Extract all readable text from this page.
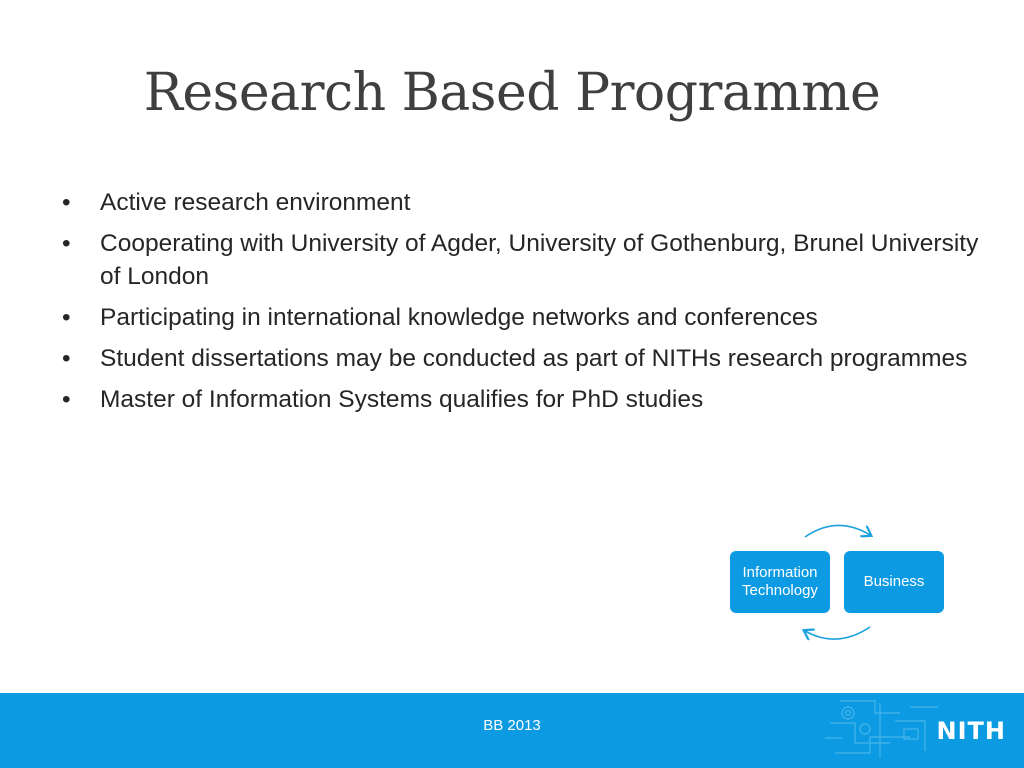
Research Based Programme
• Active research environment
• Cooperating with University of Agder, University of Gothenburg, Brunel University of London
• Participating in international knowledge networks and conferences
• Student dissertations may be conducted as part of NITHs research programmes
• Master of Information Systems qualifies for PhD studies
Information Technology
Business
BB 2013	NITH
